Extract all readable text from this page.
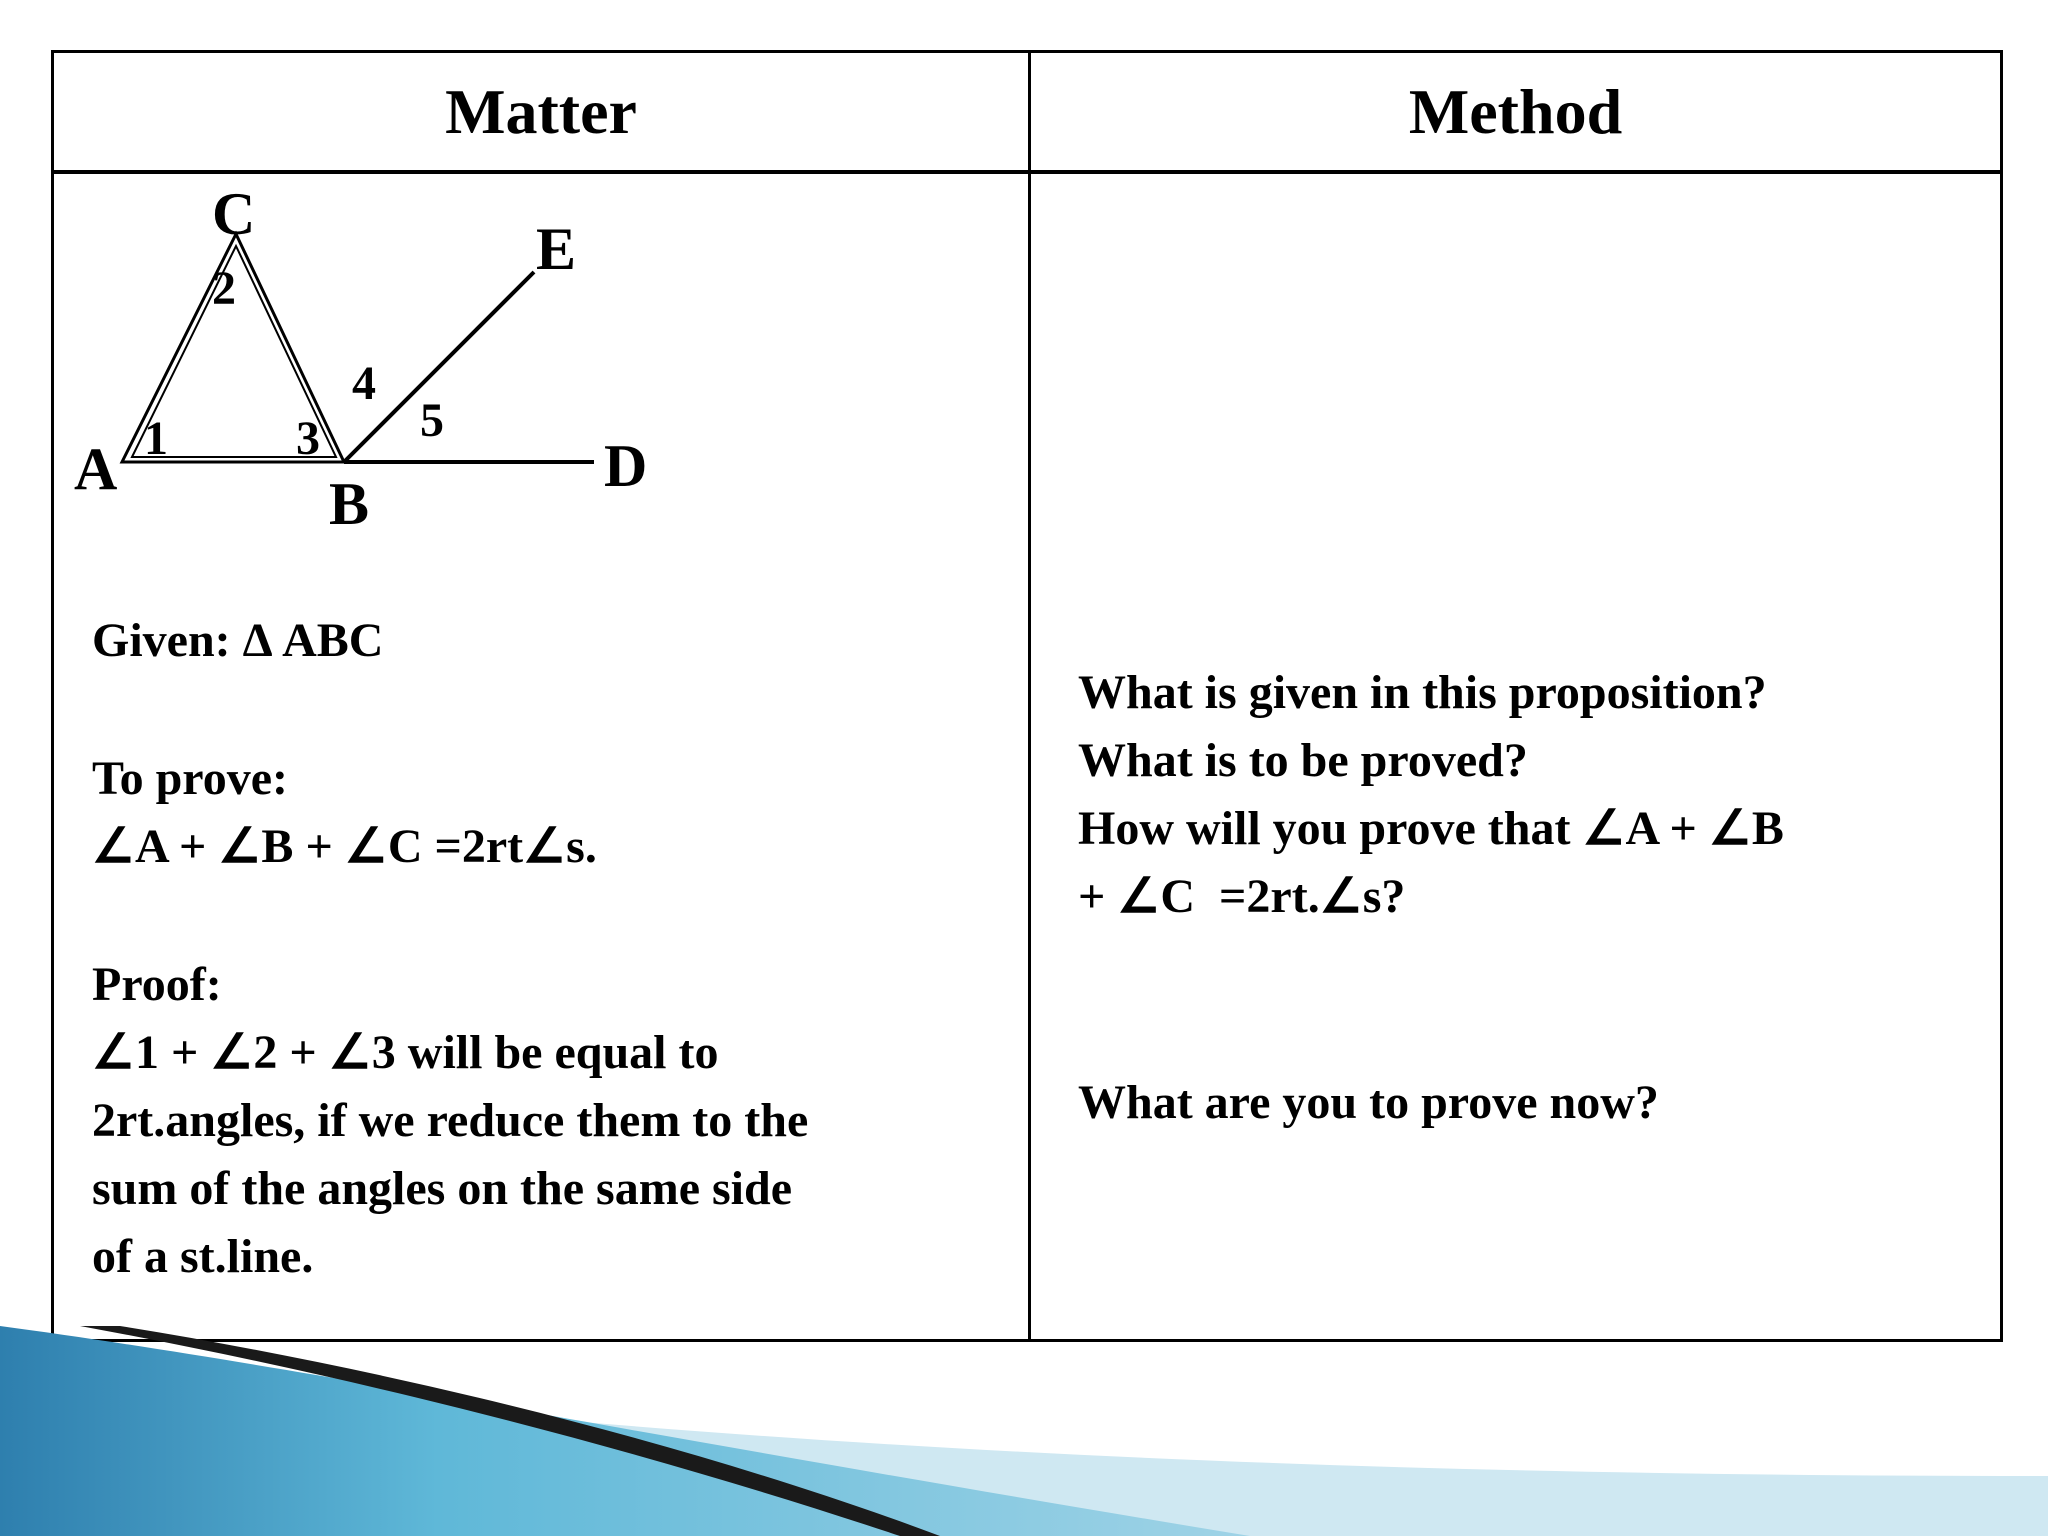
Matter	Method
C
E
A
B
D
1
2
3
4
5
Given: Δ ABC
To prove:
∠A + ∠B + ∠C =2rt∠s.
Proof:
∠1 + ∠2 + ∠3 will be equal to
2rt.angles, if we reduce them to the
sum of the angles on the same side
of a st.line.
What is given in this proposition?
What is to be proved?
How will you prove that ∠A + ∠B
+ ∠C  =2rt.∠s?
What are you to prove now?
